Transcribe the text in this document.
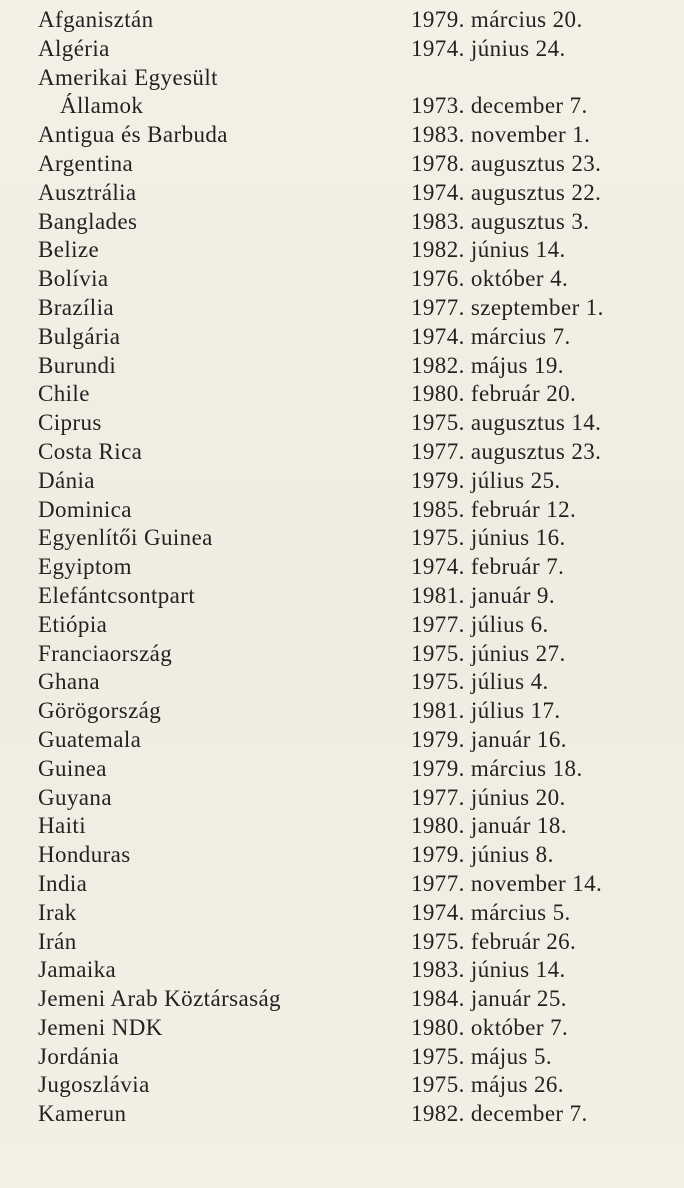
Afganisztán	1979. március 20.
Algéria	1974. június 24.
Amerikai Egyesült
Államok	1973. december 7.
Antigua és Barbuda	1983. november 1.
Argentina	1978. augusztus 23.
Ausztrália	1974. augusztus 22.
Banglades	1983. augusztus 3.
Belize	1982. június 14.
Bolívia	1976. október 4.
Brazília	1977. szeptember 1.
Bulgária	1974. március 7.
Burundi	1982. május 19.
Chile	1980. február 20.
Ciprus	1975. augusztus 14.
Costa Rica	1977. augusztus 23.
Dánia	1979. július 25.
Dominica	1985. február 12.
Egyenlítői Guinea	1975. június 16.
Egyiptom	1974. február 7.
Elefántcsontpart	1981. január 9.
Etiópia	1977. július 6.
Franciaország	1975. június 27.
Ghana	1975. július 4.
Görögország	1981. július 17.
Guatemala	1979. január 16.
Guinea	1979. március 18.
Guyana	1977. június 20.
Haiti	1980. január 18.
Honduras	1979. június 8.
India	1977. november 14.
Irak	1974. március 5.
Irán	1975. február 26.
Jamaika	1983. június 14.
Jemeni Arab Köztársaság	1984. január 25.
Jemeni NDK	1980. október 7.
Jordánia	1975. május 5.
Jugoszlávia	1975. május 26.
Kamerun	1982. december 7.
